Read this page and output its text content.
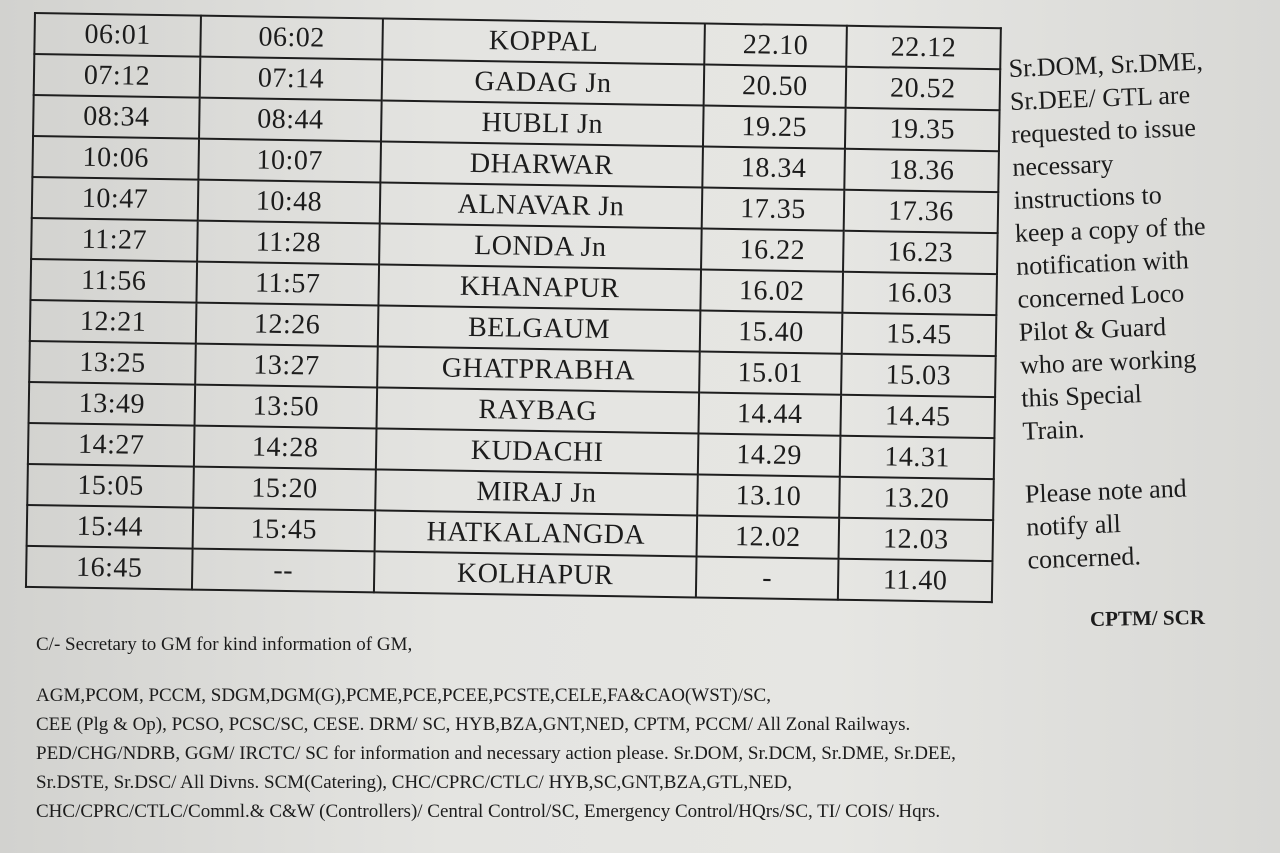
06:01	06:02	KOPPAL	22.10	22.12
07:12	07:14	GADAG Jn	20.50	20.52
08:34	08:44	HUBLI Jn	19.25	19.35
10:06	10:07	DHARWAR	18.34	18.36
10:47	10:48	ALNAVAR Jn	17.35	17.36
11:27	11:28	LONDA Jn	16.22	16.23
11:56	11:57	KHANAPUR	16.02	16.03
12:21	12:26	BELGAUM	15.40	15.45
13:25	13:27	GHATPRABHA	15.01	15.03
13:49	13:50	RAYBAG	14.44	14.45
14:27	14:28	KUDACHI	14.29	14.31
15:05	15:20	MIRAJ Jn	13.10	13.20
15:44	15:45	HATKALANGDA	12.02	12.03
16:45	--	KOLHAPUR	-	11.40

Sr.DOM, Sr.DME,
Sr.DEE/ GTL are
requested to issue
necessary
instructions to
keep a copy of the
notification with
concerned Loco
Pilot & Guard
who are working
this Special
Train.

Please note and
notify all
concerned.

CPTM/ SCR

C/- Secretary to GM for kind information of GM,

AGM,PCOM, PCCM, SDGM,DGM(G),PCME,PCE,PCEE,PCSTE,CELE,FA&CAO(WST)/SC,
CEE (Plg & Op), PCSO, PCSC/SC, CESE. DRM/ SC, HYB,BZA,GNT,NED, CPTM, PCCM/ All Zonal Railways.
PED/CHG/NDRB, GGM/ IRCTC/ SC for information and necessary action please. Sr.DOM, Sr.DCM, Sr.DME, Sr.DEE,
Sr.DSTE, Sr.DSC/ All Divns. SCM(Catering), CHC/CPRC/CTLC/ HYB,SC,GNT,BZA,GTL,NED,
CHC/CPRC/CTLC/Comml.& C&W (Controllers)/ Central Control/SC, Emergency Control/HQrs/SC, TI/ COIS/ Hqrs.
